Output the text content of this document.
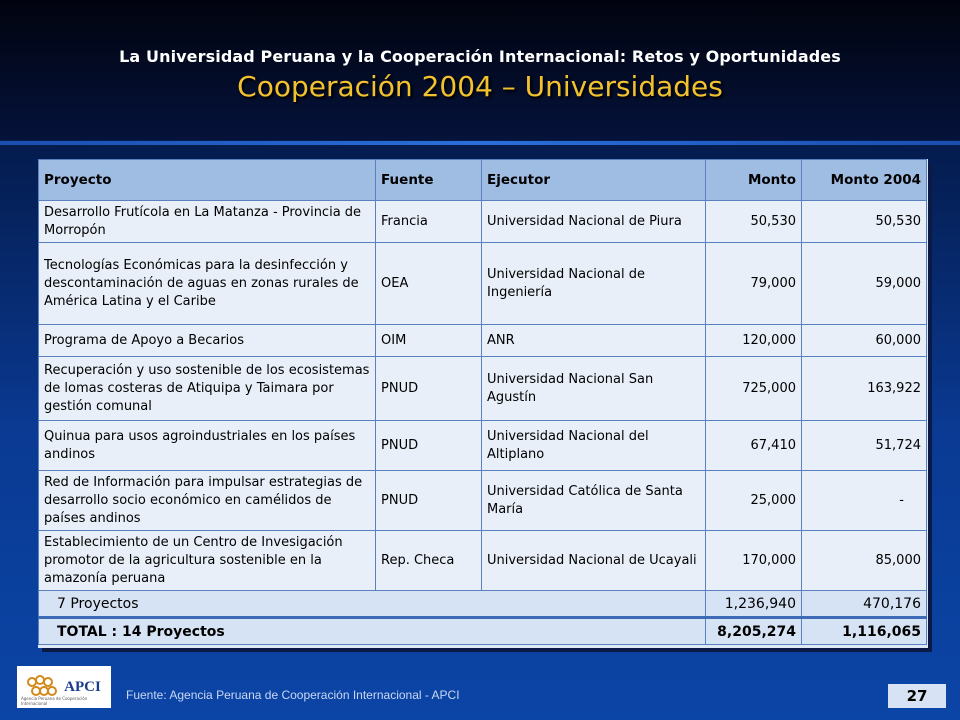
La Universidad Peruana y la Cooperación Internacional: Retos y Oportunidades
Cooperación 2004 – Universidades
Proyecto	Fuente	Ejecutor	Monto	Monto 2004
Desarrollo Frutícola en La Matanza - Provincia de Morropón	Francia	Universidad Nacional de Piura	50,530	50,530
Tecnologías Económicas para la desinfección y descontaminación de aguas en zonas rurales de América Latina y el Caribe	OEA	Universidad Nacional de Ingeniería	79,000	59,000
Programa de Apoyo a Becarios	OIM	ANR	120,000	60,000
Recuperación y uso sostenible de los ecosistemas de lomas costeras de Atiquipa y Taimara por gestión comunal	PNUD	Universidad Nacional San Agustín	725,000	163,922
Quinua para usos agroindustriales en los países andinos	PNUD	Universidad Nacional del Altiplano	67,410	51,724
Red de Información para impulsar estrategias de desarrollo socio económico en camélidos de países andinos	PNUD	Universidad Católica de Santa María	25,000	-
Establecimiento de un Centro de Invesigación promotor de la agricultura sostenible en la amazonía peruana	Rep. Checa	Universidad Nacional de Ucayali	170,000	85,000
7 Proyectos			1,236,940	470,176
TOTAL : 14 Proyectos			8,205,274	1,116,065
APCI
Agencia Peruana de Cooperación Internacional
Fuente: Agencia Peruana de Cooperación Internacional - APCI	27
